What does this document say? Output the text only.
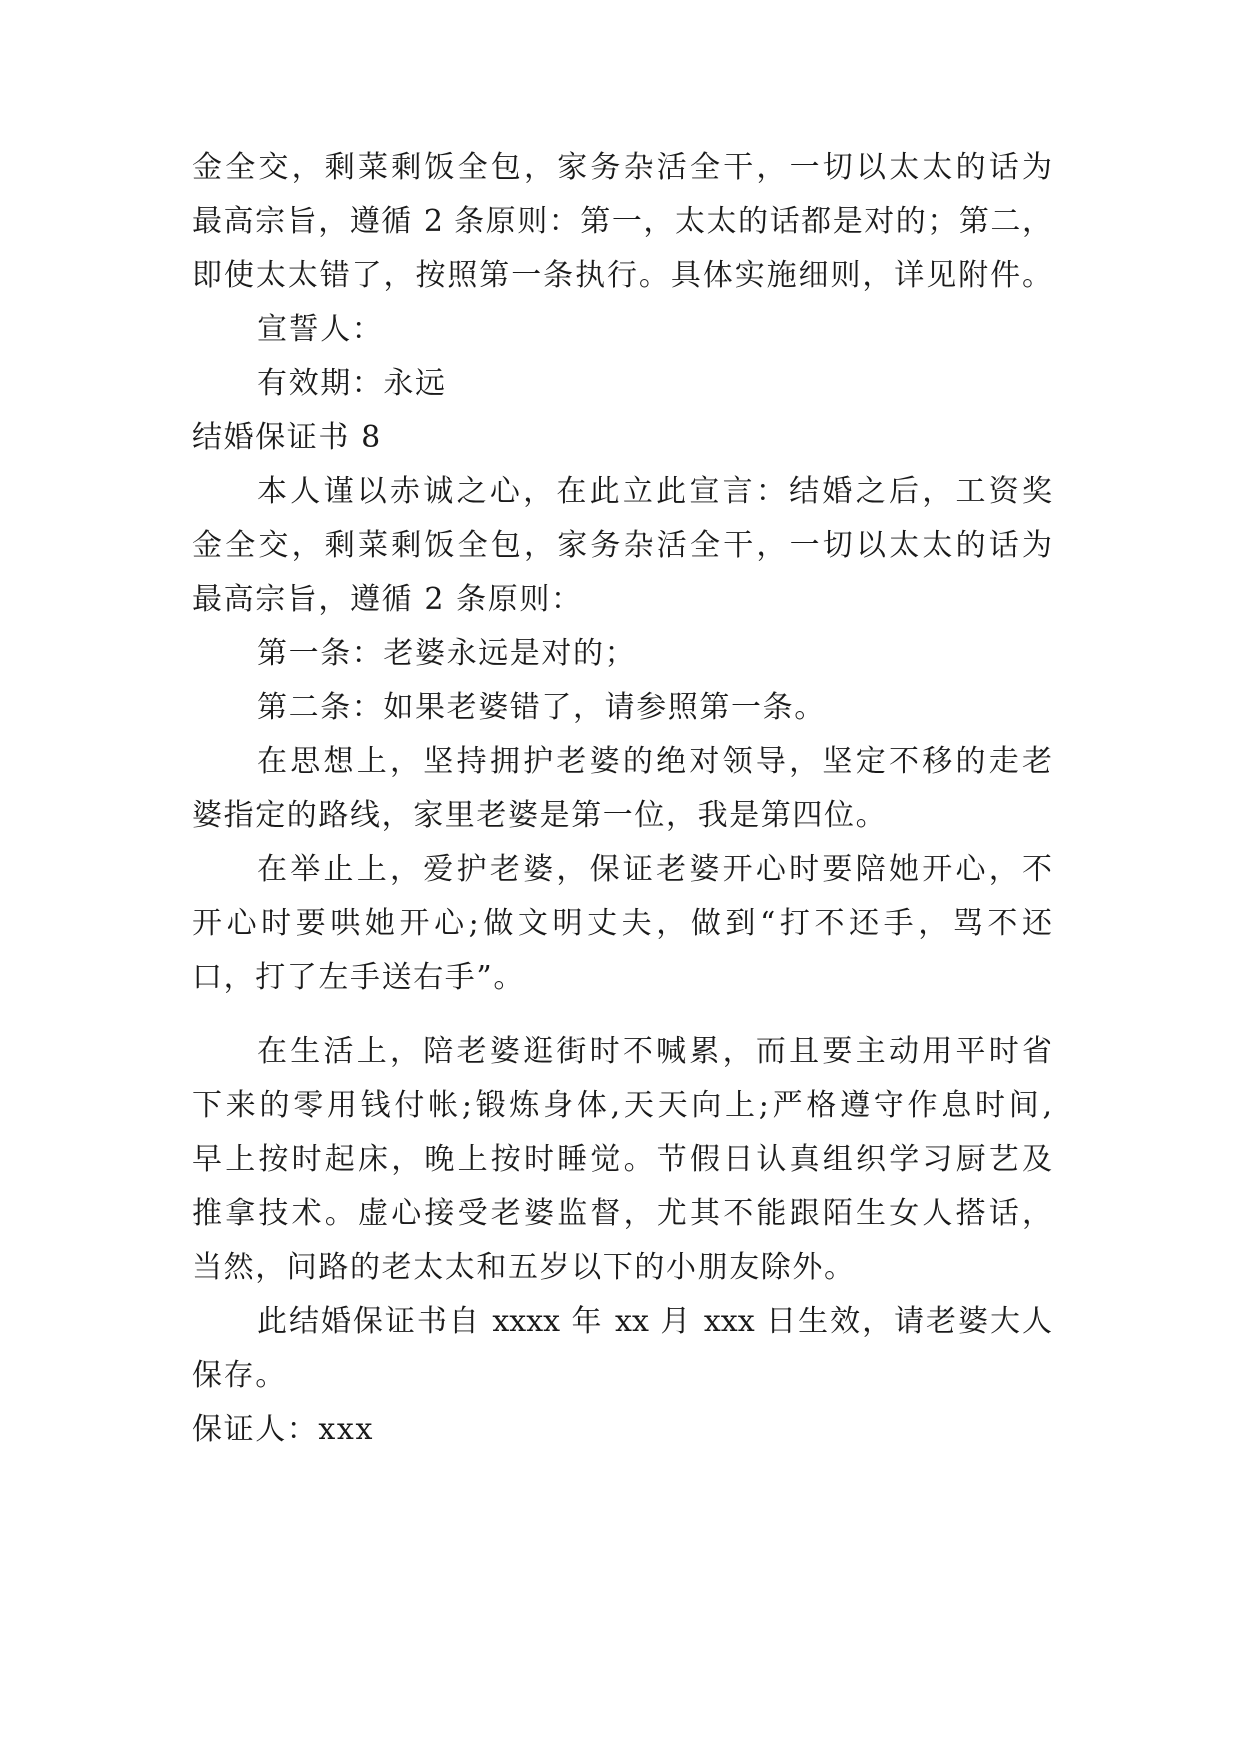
金全交，剩菜剩饭全包，家务杂活全干，一切以太太的话为

最高宗旨，遵循 2 条原则：第一，太太的话都是对的；第二，

即使太太错了，按照第一条执行。具体实施细则，详见附件。

宣誓人：

有效期：永远

结婚保证书 8

本人谨以赤诚之心，在此立此宣言：结婚之后，工资奖

金全交，剩菜剩饭全包，家务杂活全干，一切以太太的话为

最高宗旨，遵循 2 条原则：

第一条：老婆永远是对的；

第二条：如果老婆错了，请参照第一条。

在思想上，坚持拥护老婆的绝对领导，坚定不移的走老

婆指定的路线，家里老婆是第一位，我是第四位。

在举止上，爱护老婆，保证老婆开心时要陪她开心，不

开心时要哄她开心;做文明丈夫，做到“打不还手，骂不还

口，打了左手送右手”。

在生活上，陪老婆逛街时不喊累，而且要主动用平时省

下来的零用钱付帐;锻炼身体,天天向上;严格遵守作息时间,

早上按时起床，晚上按时睡觉。节假日认真组织学习厨艺及

推拿技术。虚心接受老婆监督，尤其不能跟陌生女人搭话，

当然，问路的老太太和五岁以下的小朋友除外。

此结婚保证书自 xxxx 年 xx 月 xxx 日生效，请老婆大人

保存。

保证人：xxx
